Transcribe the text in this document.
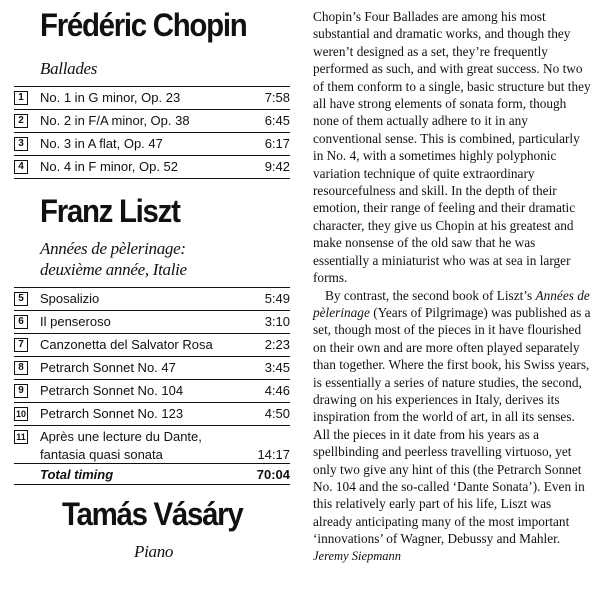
Frédéric Chopin
Ballades
1	No. 1 in G minor, Op. 23	7:58
2	No. 2 in F/A minor, Op. 38	6:45
3	No. 3 in A flat, Op. 47	6:17
4	No. 4 in F minor, Op. 52	9:42
Franz Liszt
Années de pèlerinage:
deuxième année, Italie
5	Sposalizio	5:49
6	Il penseroso	3:10
7	Canzonetta del Salvator Rosa	2:23
8	Petrarch Sonnet No. 47	3:45
9	Petrarch Sonnet No. 104	4:46
10 Petrarch Sonnet No. 123	4:50
11 Après une lecture du Dante,
fantasia quasi sonata	14:17
Total timing	70:04
Tamás Vásáry
Piano

Chopin’s Four Ballades are among his most substantial and dramatic works, and though they weren’t designed as a set, they’re frequently performed as such, and with great success. No two of them conform to a single, basic structure but they all have strong elements of sonata form, though none of them actually adhere to it in any conventional sense. This is combined, particularly in No. 4, with a sometimes highly polyphonic variation technique of quite extraordinary resourcefulness and skill. In the depth of their emotion, their range of feeling and their dramatic character, they give us Chopin at his greatest and make nonsense of the old saw that he was essentially a miniaturist who was at sea in larger forms.

By contrast, the second book of Liszt’s Années de pèlerinage (Years of Pilgrimage) was published as a set, though most of the pieces in it have flourished on their own and are more often played separately than together. Where the first book, his Swiss years, is essentially a series of nature studies, the second, drawing on his experiences in Italy, derives its inspiration from the world of art, in all its senses. All the pieces in it date from his years as a spellbinding and peerless travelling virtuoso, yet only two give any hint of this (the Petrarch Sonnet No. 104 and the so-called ‘Dante Sonata’). Even in this relatively early part of his life, Liszt was already anticipating many of the most important ‘innovations’ of Wagner, Debussy and Mahler.

Jeremy Siepmann
